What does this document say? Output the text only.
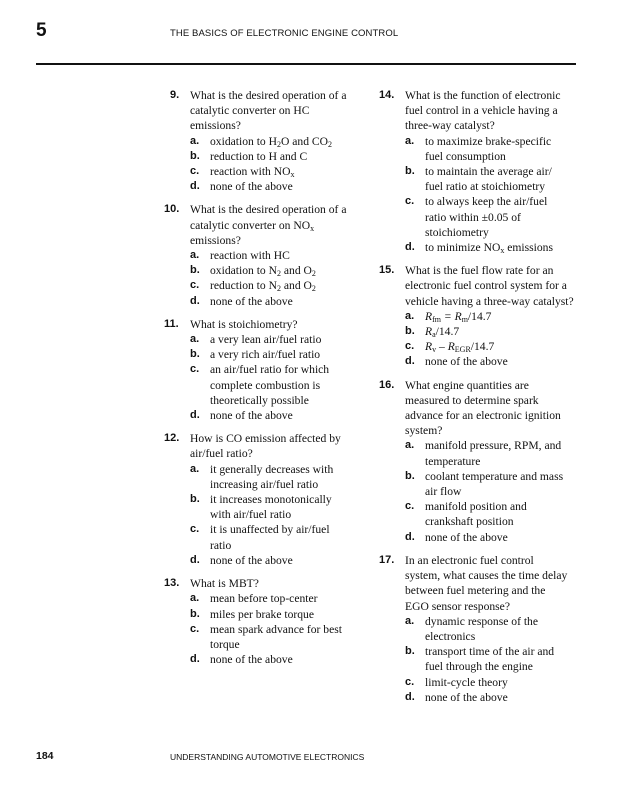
5	THE BASICS OF ELECTRONIC ENGINE CONTROL
9. What is the desired operation of a
catalytic converter on HC
emissions?
a. oxidation to $H_2O$ and $CO_2$
b. reduction to H and C
c. reaction with $NO_x$
d. none of the above
10. What is the desired operation of a
catalytic converter on $NO_x$
emissions?
a. reaction with HC
b. oxidation to $N_2$ and $O_2$
c. reduction to $N_2$ and $O_2$
d. none of the above
11. What is stoichiometry?
a. a very lean air/fuel ratio
b. a very rich air/fuel ratio
c. an air/fuel ratio for which
complete combustion is
theoretically possible
d. none of the above
12. How is CO emission affected by
air/fuel ratio?
a. it generally decreases with
increasing air/fuel ratio
b. it increases monotonically
with air/fuel ratio
c. it is unaffected by air/fuel
ratio
d. none of the above
13. What is MBT?
a. mean before top-center
b. miles per brake torque
c. mean spark advance for best
torque
d. none of the above
14. What is the function of electronic
fuel control in a vehicle having a
three-way catalyst?
a. to maximize brake-specific
fuel consumption
b. to maintain the average air/
fuel ratio at stoichiometry
c. to always keep the air/fuel
ratio within ±0.05 of
stoichiometry
d. to minimize $NO_x$ emissions
15. What is the fuel flow rate for an
electronic fuel control system for a
vehicle having a three-way catalyst?
a. $R_{fm} = R_m/14.7$
b. $R_a/14.7$
c. $R_v - R_{EGR}/14.7$
d. none of the above
16. What engine quantities are
measured to determine spark
advance for an electronic ignition
system?
a. manifold pressure, RPM, and
temperature
b. coolant temperature and mass
air flow
c. manifold position and
crankshaft position
d. none of the above
17. In an electronic fuel control
system, what causes the time delay
between fuel metering and the
EGO sensor response?
a. dynamic response of the
electronics
b. transport time of the air and
fuel through the engine
c. limit-cycle theory
d. none of the above
184	UNDERSTANDING AUTOMOTIVE ELECTRONICS
